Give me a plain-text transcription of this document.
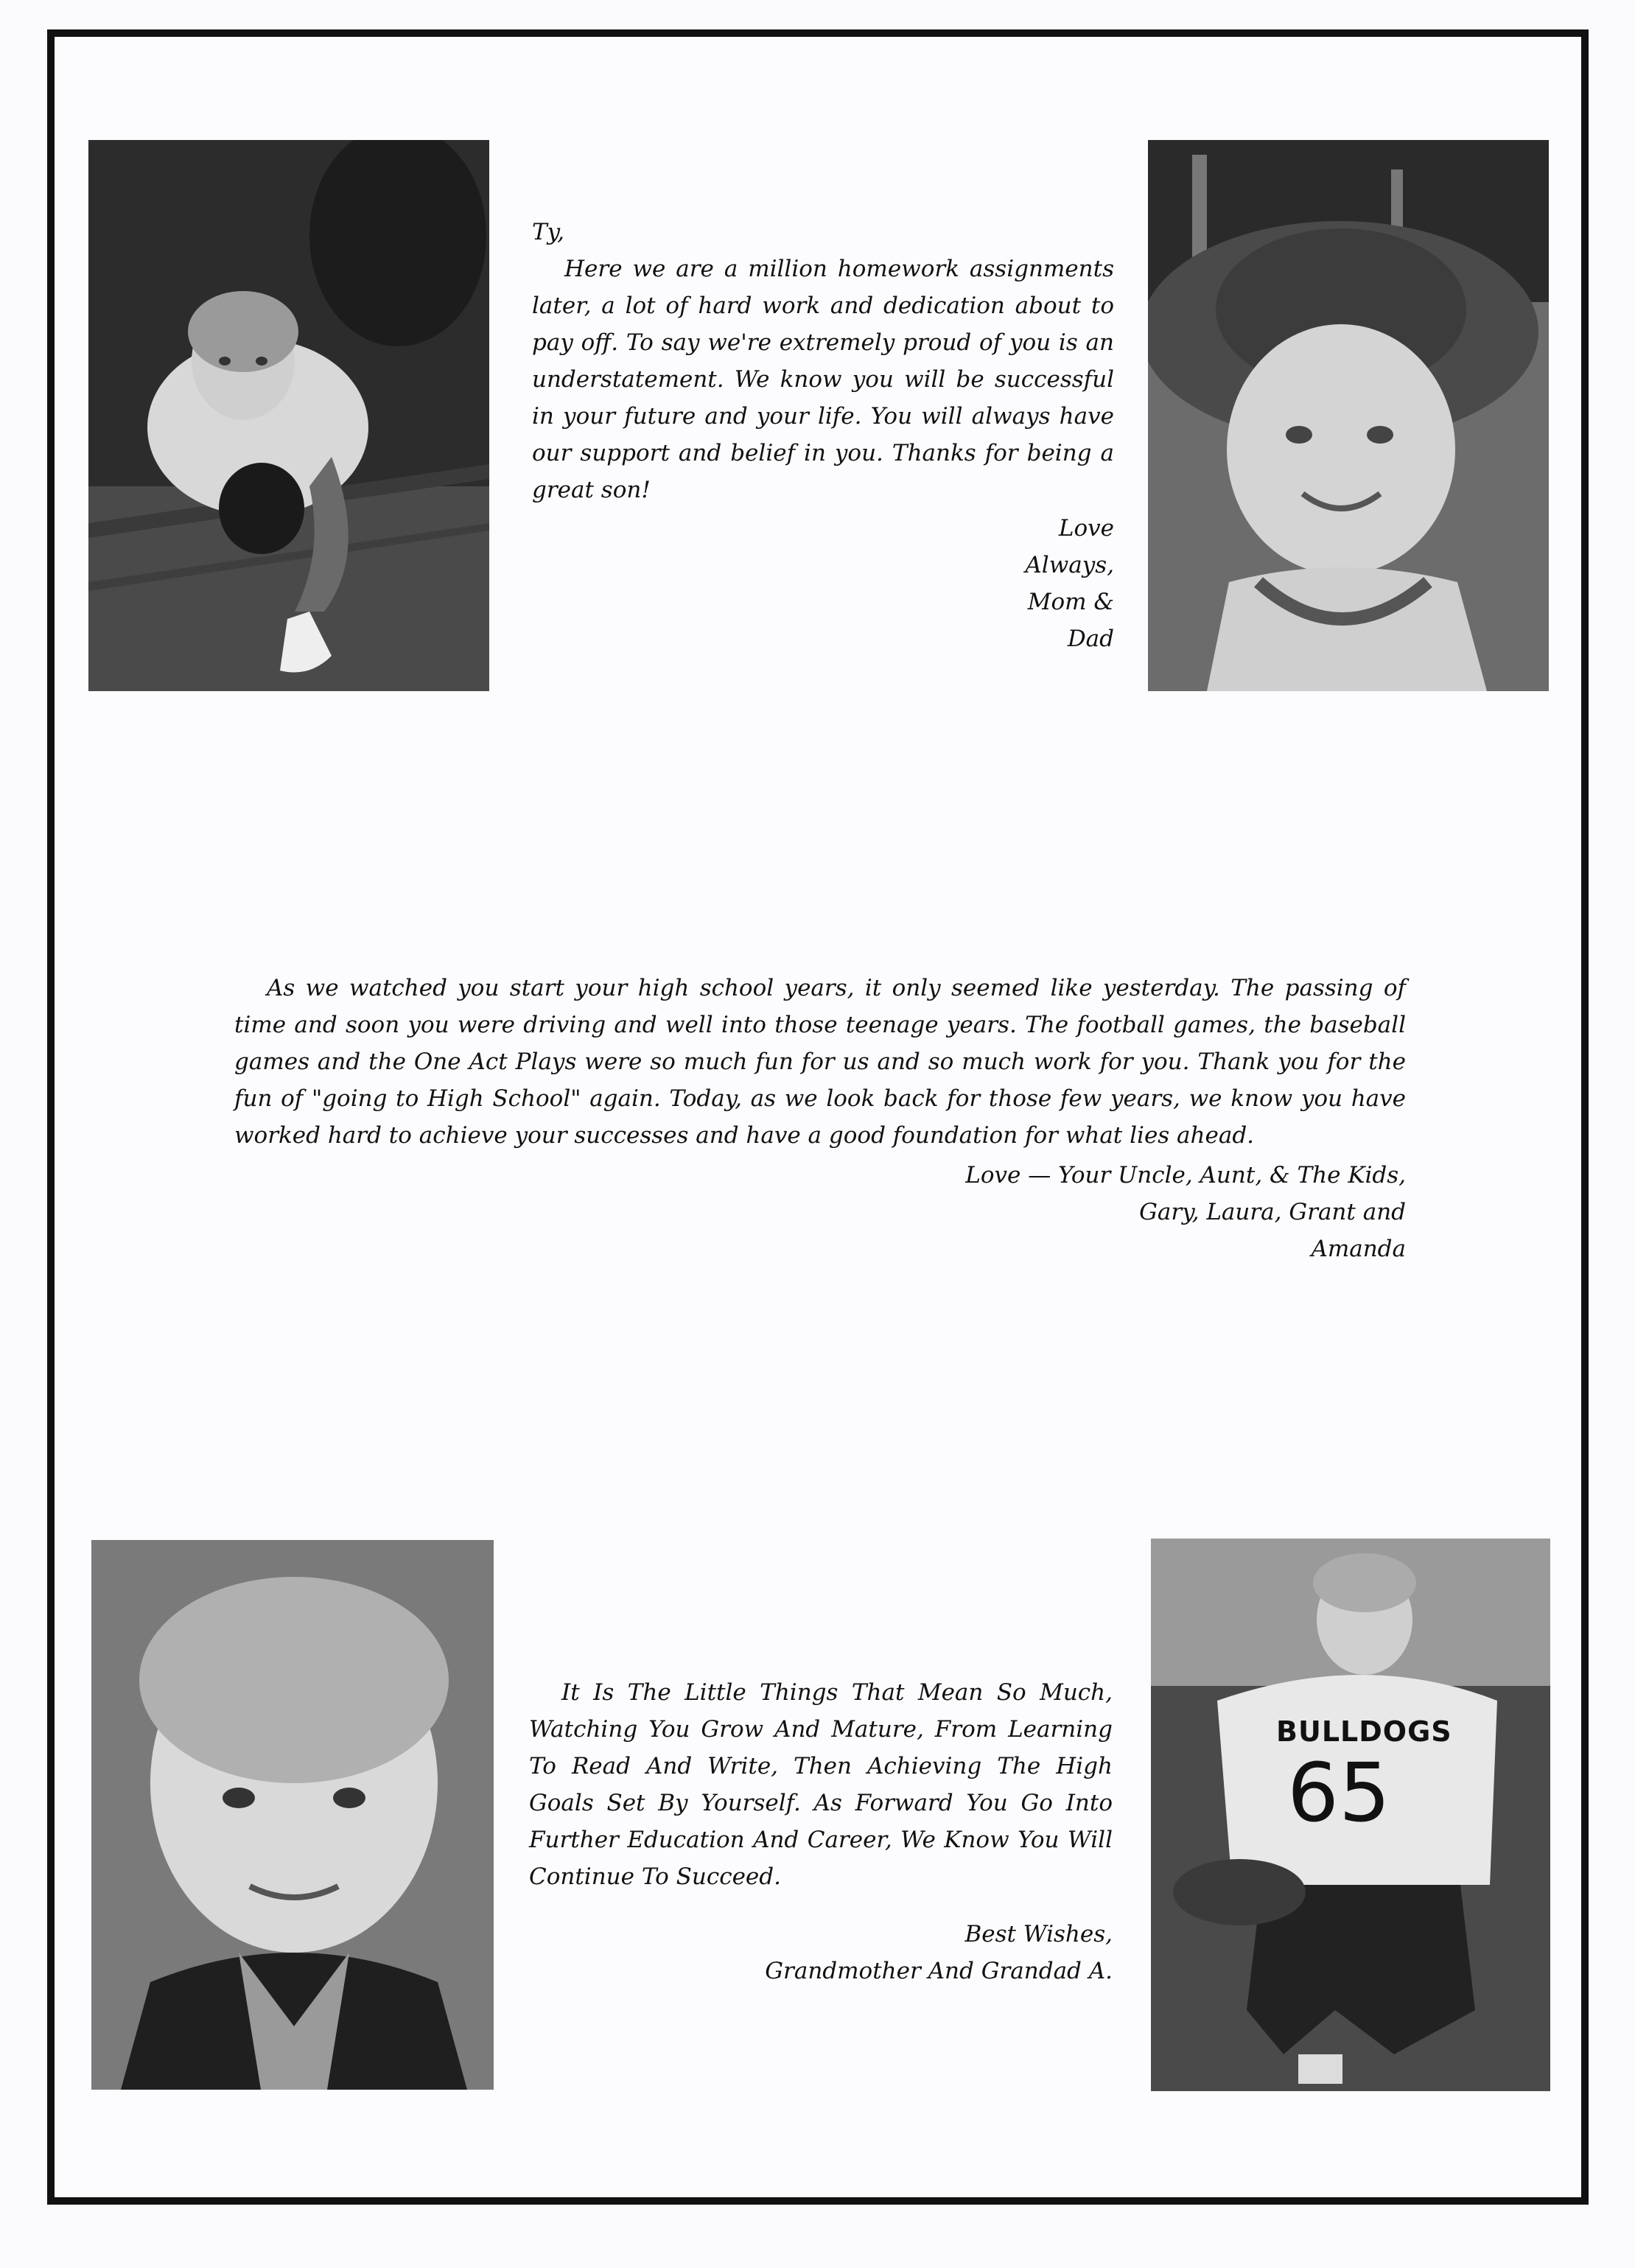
Ty,

Here we are a million homework assignments later, a lot of hard work and dedication about to pay off. To say we're extremely proud of you is an understatement. We know you will be successful in your future and your life. You will always have our support and belief in you. Thanks for being a great son!

Love
Always,
Mom &
Dad

As we watched you start your high school years, it only seemed like yesterday. The passing of time and soon you were driving and well into those teenage years. The football games, the baseball games and the One Act Plays were so much fun for us and so much work for you. Thank you for the fun of "going to High School" again. Today, as we look back for those few years, we know you have worked hard to achieve your successes and have a good foundation for what lies ahead.

Love — Your Uncle, Aunt, & The Kids,
Gary, Laura, Grant and
Amanda

It Is The Little Things That Mean So Much, Watching You Grow And Mature, From Learning To Read And Write, Then Achieving The High Goals Set By Yourself. As Forward You Go Into Further Education And Career, We Know You Will Continue To Succeed.

Best Wishes,
Grandmother And Grandad A.
BULLDOGS
65
